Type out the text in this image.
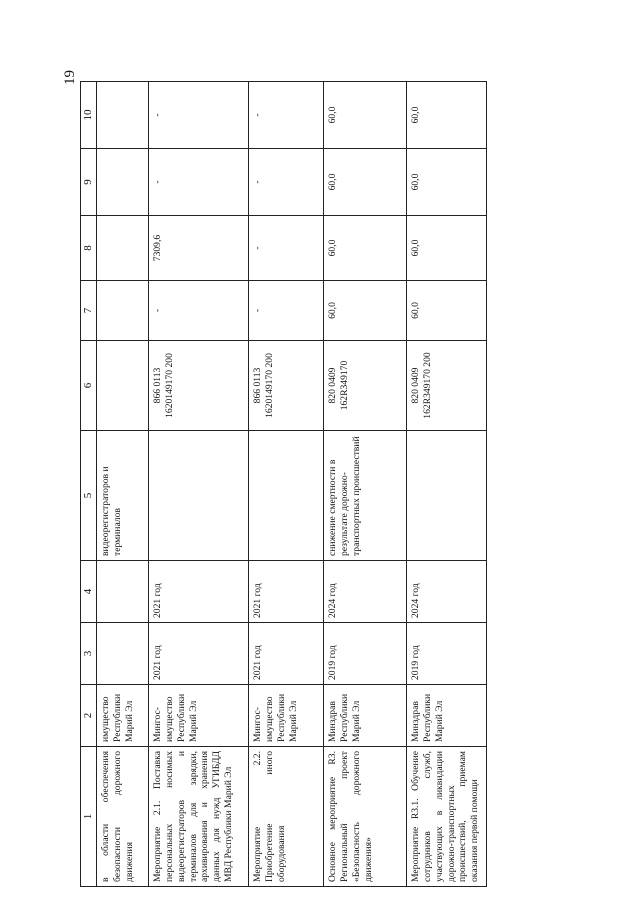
19
1	2	3	4	5	6	7	8	9	10
в области обеспечения безопасности дорожного движения	имущество Республики Марий Эл			видеорегистраторов и терминалов					
Мероприятие 2.1. Поставка персональных носимых видеорегистраторов и терминалов для зарядки, архивирования и хранения данных для нужд УГИБДД МВД Республики Марий Эл	Мингос-имущество Республики Марий Эл	2021 год	2021 год		866 0113 1620149170 200	-	7309,6	-	-
Мероприятие 2.2. Приобретение иного оборудования	Мингос-имущество Республики Марий Эл	2021 год	2021 год		866 0113 1620149170 200	-	-	-	-
Основное мероприятие R3. Региональный проект «Безопасность дорожного движения»	Минздрав Республики Марий Эл	2019 год	2024 год	снижение смертности в результате дорожно-транспортных происшествий	820 0409 162R349170	60,0	60,0	60,0	60,0
Мероприятие R3.1. Обучение сотрудников служб, участвующих в ликвидации дорожно-транспортных происшествий, приемам оказания первой помощи	Минздрав Республики Марий Эл	2019 год	2024 год		820 0409 162R349170 200	60,0	60,0	60,0	60,0
